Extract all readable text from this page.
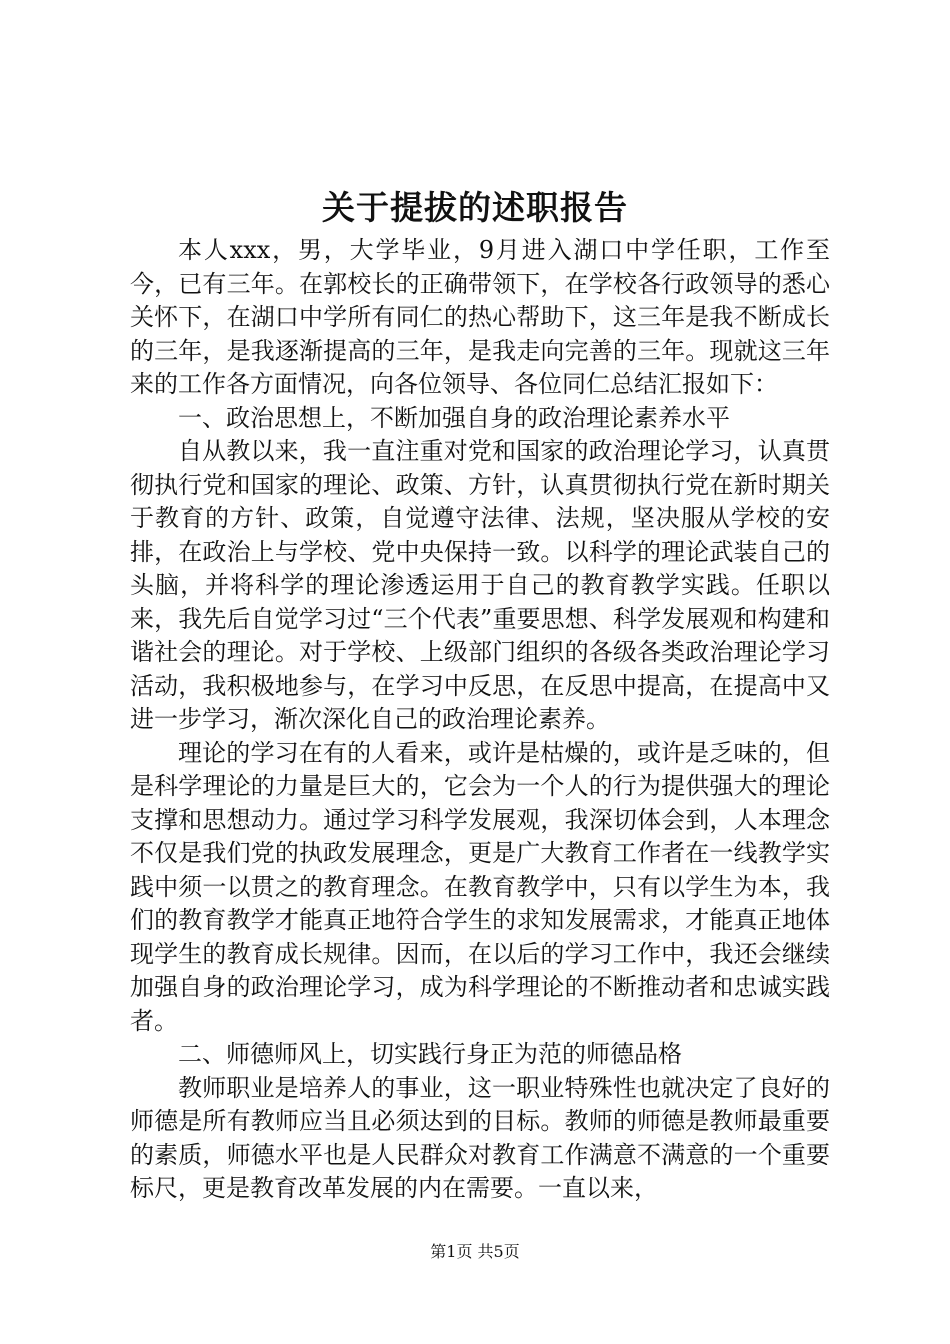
关于提拔的述职报告

本人xxx，男，大学毕业，9月进入湖口中学任职，工作至今，已有三年。在郭校长的正确带领下，在学校各行政领导的悉心关怀下，在湖口中学所有同仁的热心帮助下，这三年是我不断成长的三年，是我逐渐提高的三年，是我走向完善的三年。现就这三年来的工作各方面情况，向各位领导、各位同仁总结汇报如下：

一、政治思想上，不断加强自身的政治理论素养水平

自从教以来，我一直注重对党和国家的政治理论学习，认真贯彻执行党和国家的理论、政策、方针，认真贯彻执行党在新时期关于教育的方针、政策，自觉遵守法律、法规，坚决服从学校的安排，在政治上与学校、党中央保持一致。以科学的理论武装自己的头脑，并将科学的理论渗透运用于自己的教育教学实践。任职以来，我先后自觉学习过“三个代表”重要思想、科学发展观和构建和谐社会的理论。对于学校、上级部门组织的各级各类政治理论学习活动，我积极地参与，在学习中反思，在反思中提高，在提高中又进一步学习，渐次深化自己的政治理论素养。

理论的学习在有的人看来，或许是枯燥的，或许是乏味的，但是科学理论的力量是巨大的，它会为一个人的行为提供强大的理论支撑和思想动力。通过学习科学发展观，我深切体会到，人本理念不仅是我们党的执政发展理念，更是广大教育工作者在一线教学实践中须一以贯之的教育理念。在教育教学中，只有以学生为本，我们的教育教学才能真正地符合学生的求知发展需求，才能真正地体现学生的教育成长规律。因而，在以后的学习工作中，我还会继续加强自身的政治理论学习，成为科学理论的不断推动者和忠诚实践者。

二、师德师风上，切实践行身正为范的师德品格

教师职业是培养人的事业，这一职业特殊性也就决定了良好的师德是所有教师应当且必须达到的目标。教师的师德是教师最重要的素质，师德水平也是人民群众对教育工作满意不满意的一个重要标尺，更是教育改革发展的内在需要。一直以来，

第1页 共5页
